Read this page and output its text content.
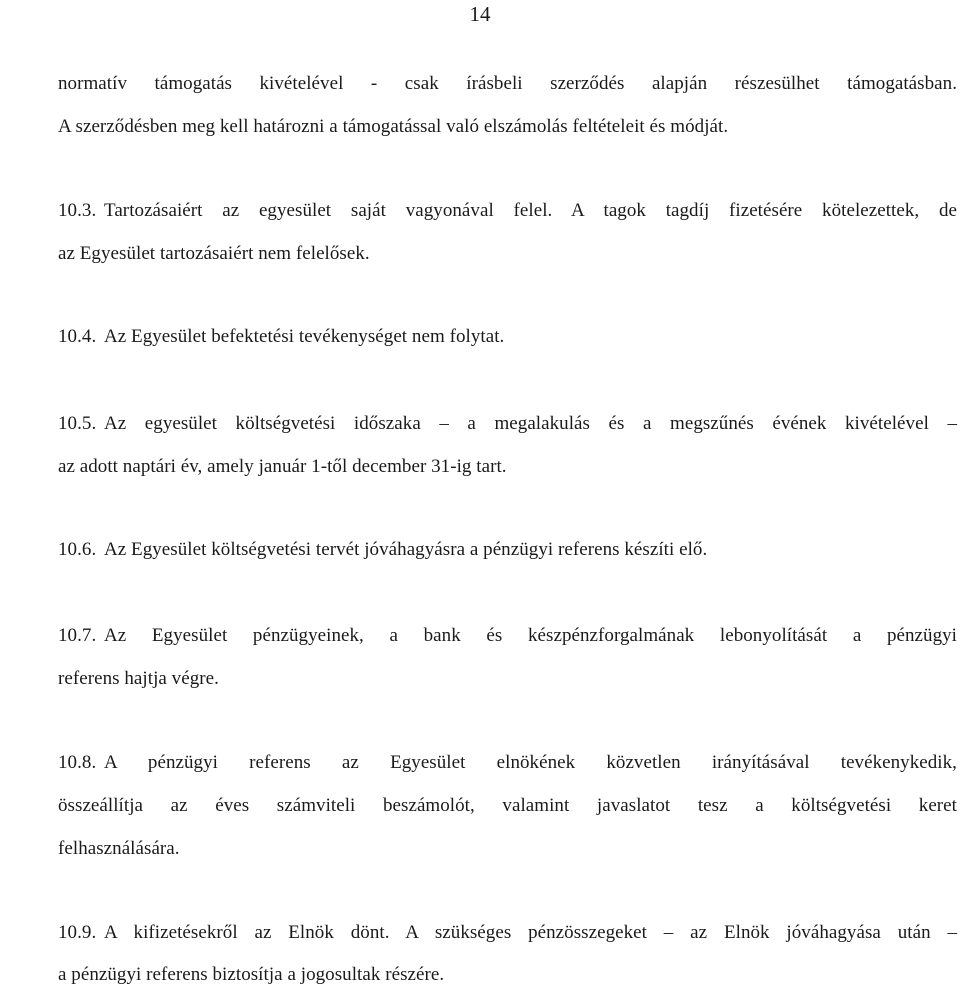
14
normatív támogatás kivételével - csak írásbeli szerződés alapján részesülhet támogatásban.
A szerződésben meg kell határozni a támogatással való elszámolás feltételeit és módját.
10.3. Tartozásaiért az egyesület saját vagyonával felel. A tagok tagdíj fizetésére kötelezettek, de
az Egyesület tartozásaiért nem felelősek.
10.4. Az Egyesület befektetési tevékenységet nem folytat.
10.5. Az egyesület költségvetési időszaka – a megalakulás és a megszűnés évének kivételével –
az adott naptári év, amely január 1-től december 31-ig tart.
10.6. Az Egyesület költségvetési tervét jóváhagyásra a pénzügyi referens készíti elő.
10.7. Az Egyesület pénzügyeinek, a bank és készpénzforgalmának lebonyolítását a pénzügyi
referens hajtja végre.
10.8. A pénzügyi referens az Egyesület elnökének közvetlen irányításával tevékenykedik,
összeállítja az éves számviteli beszámolót, valamint javaslatot tesz a költségvetési keret
felhasználására.
10.9. A kifizetésekről az Elnök dönt. A szükséges pénzösszegeket – az Elnök jóváhagyása után –
a pénzügyi referens biztosítja a jogosultak részére.
